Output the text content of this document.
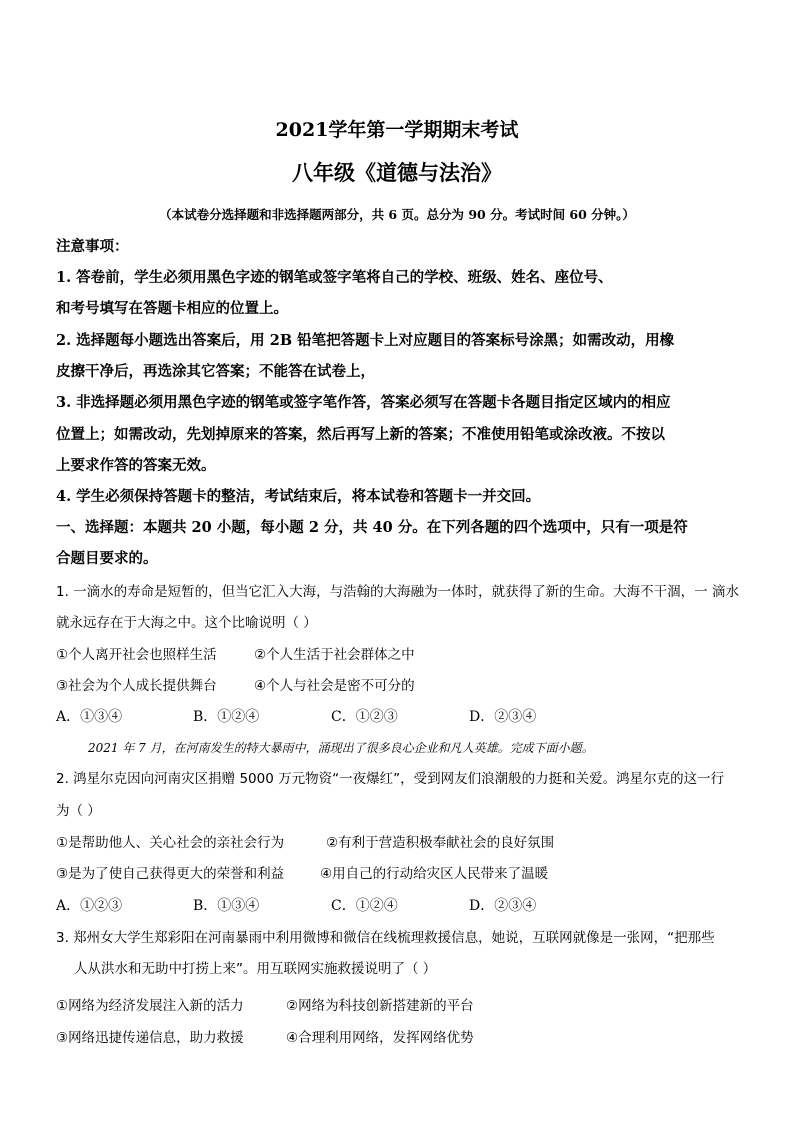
2021学年第一学期期末考试
八年级《道德与法治》
（本试卷分选择题和非选择题两部分，共 6 页。总分为 90 分。考试时间 60 分钟。）
注意事项：
1. 答卷前，学生必须用黑色字迹的钢笔或签字笔将自己的学校、班级、姓名、座位号、
和考号填写在答题卡相应的位置上。
2. 选择题每小题选出答案后，用 2B 铅笔把答题卡上对应题目的答案标号涂黑；如需改动，用橡
皮擦干净后，再选涂其它答案；不能答在试卷上，
3. 非选择题必须用黑色字迹的钢笔或签字笔作答，答案必须写在答题卡各题目指定区域内的相应
位置上；如需改动，先划掉原来的答案，然后再写上新的答案；不准使用铅笔或涂改液。不按以
上要求作答的答案无效。
4. 学生必须保持答题卡的整洁，考试结束后，将本试卷和答题卡一并交回。
一、选择题：本题共 20 小题，每小题 2 分，共 40 分。在下列各题的四个选项中，只有一项是符
合题目要求的。
1. 一滴水的寿命是短暂的，但当它汇入大海，与浩翰的大海融为一体时，就获得了新的生命。大海不干涸，一 滴水
就永远存在于大海之中。这个比喻说明（ ）
①个人离开社会也照样生活	②个人生活于社会群体之中
③社会为个人成长提供舞台	④个人与社会是密不可分的
A．①③④	B．①②④	C．①②③	D．②③④
2021 年 7 月，在河南发生的特大暴雨中，涌现出了很多良心企业和凡人英雄。完成下面小题。
2. 鸿星尔克因向河南灾区捐赠 5000 万元物资“一夜爆红”，受到网友们浪潮般的力挺和关爱。鸿星尔克的这一行
为（ ）
①是帮助他人、关心社会的亲社会行为	②有利于营造积极奉献社会的良好氛围
③是为了使自己获得更大的荣誉和利益	④用自己的行动给灾区人民带来了温暖
A．①②③	B．①③④	C．①②④	D．②③④
3. 郑州女大学生郑彩阳在河南暴雨中利用微博和微信在线梳理救援信息，她说，互联网就像是一张网，“把那些
人从洪水和无助中打捞上来”。用互联网实施救援说明了（ ）
①网络为经济发展注入新的活力	②网络为科技创新搭建新的平台
③网络迅捷传递信息，助力救援	④合理利用网络，发挥网络优势
